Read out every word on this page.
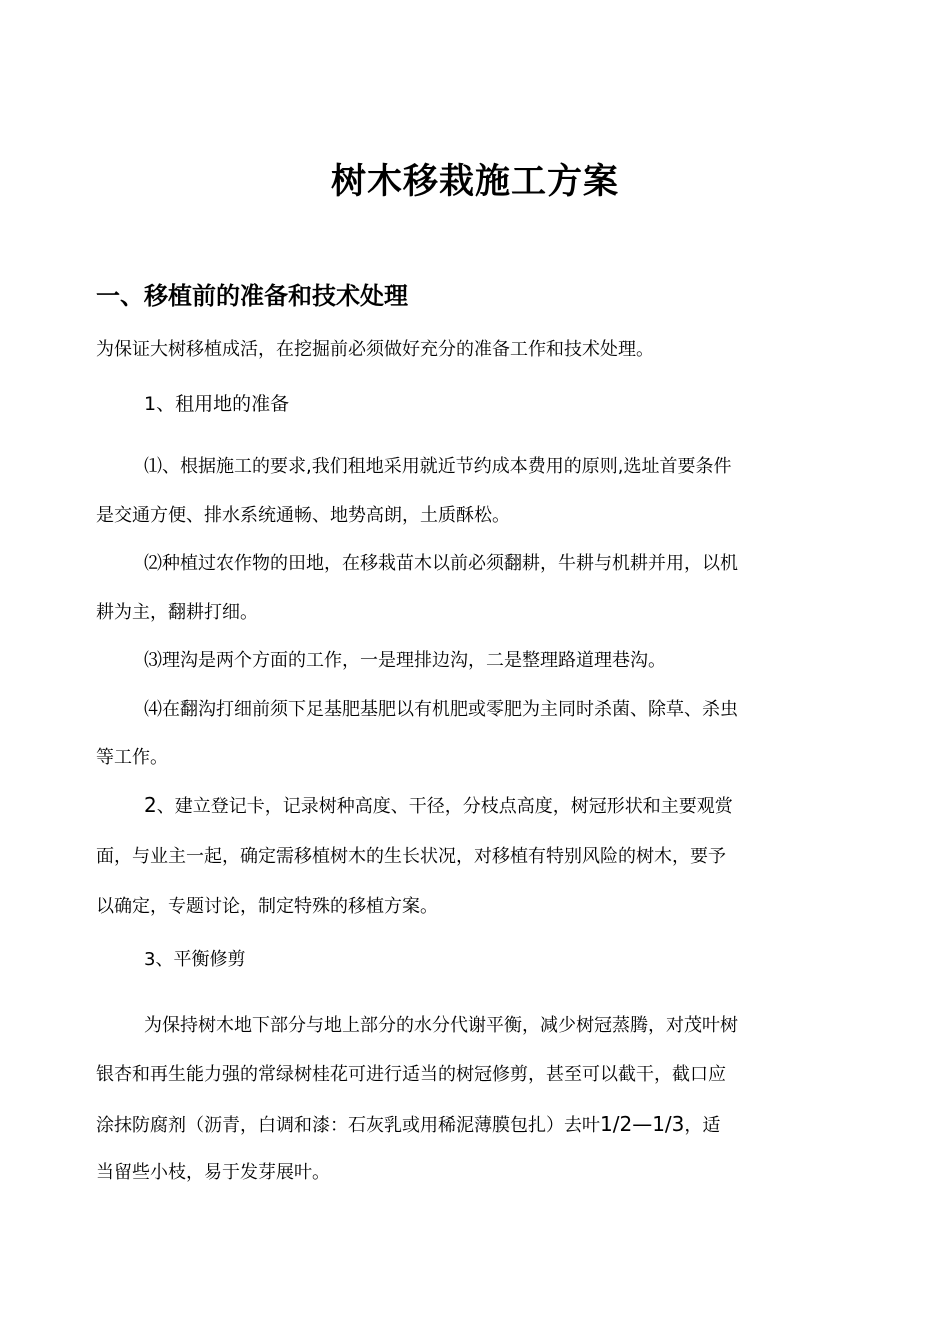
树木移栽施工方案
一、移植前的准备和技术处理
为保证大树移植成活，在挖掘前必须做好充分的准备工作和技术处理。
1、租用地的准备
⑴、根据施工的要求,我们租地采用就近节约成本费用的原则,选址首要条件
是交通方便、排水系统通畅、地势高朗，土质酥松。
⑵种植过农作物的田地，在移栽苗木以前必须翻耕，牛耕与机耕并用，以机
耕为主，翻耕打细。
⑶理沟是两个方面的工作，一是理排边沟，二是整理路道理巷沟。
⑷在翻沟打细前须下足基肥基肥以有机肥或零肥为主同时杀菌、除草、杀虫
等工作。
2、建立登记卡，记录树种高度、干径，分枝点高度，树冠形状和主要观赏
面，与业主一起，确定需移植树木的生长状况，对移植有特别风险的树木，要予
以确定，专题讨论，制定特殊的移植方案。
3、平衡修剪
为保持树木地下部分与地上部分的水分代谢平衡，减少树冠蒸腾，对茂叶树
银杏和再生能力强的常绿树桂花可进行适当的树冠修剪，甚至可以截干，截口应
涂抹防腐剂（沥青，白调和漆：石灰乳或用稀泥薄膜包扎）去叶1/2—1/3，适
当留些小枝，易于发芽展叶。
